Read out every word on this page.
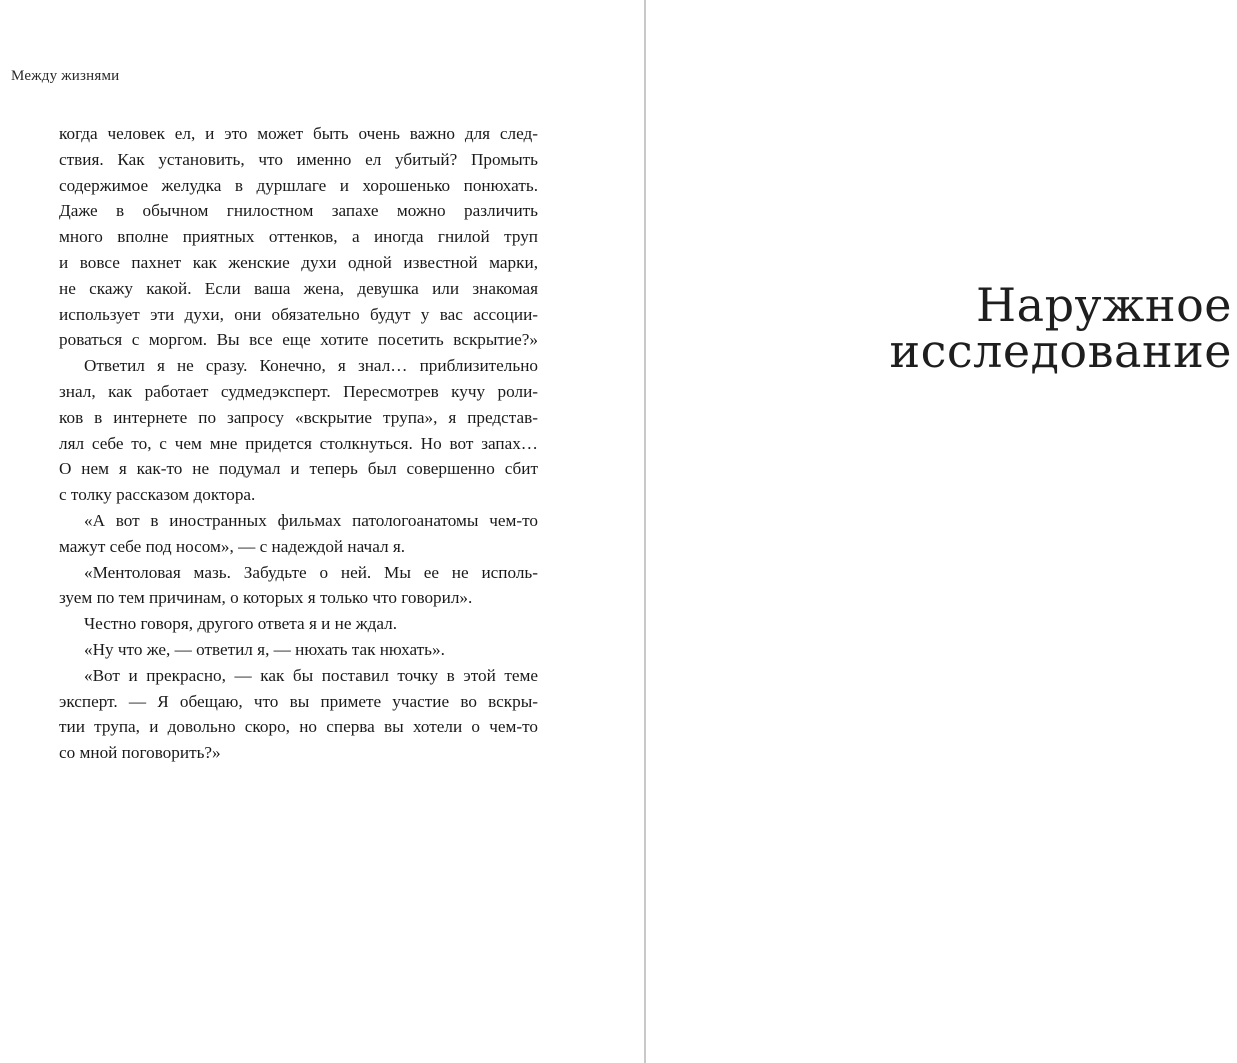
Между жизнями
когда человек ел, и это может быть очень важно для след-
ствия. Как установить, что именно ел убитый? Промыть
содержимое желудка в дуршлаге и хорошенько понюхать.
Даже в обычном гнилостном запахе можно различить
много вполне приятных оттенков, а иногда гнилой труп
и вовсе пахнет как женские духи одной известной марки,
не скажу какой. Если ваша жена, девушка или знакомая
использует эти духи, они обязательно будут у вас ассоции-
роваться с моргом. Вы все еще хотите посетить вскрытие?»
Ответил я не сразу. Конечно, я знал… приблизительно
знал, как работает судмедэксперт. Пересмотрев кучу роли-
ков в интернете по запросу «вскрытие трупа», я представ-
лял себе то, с чем мне придется столкнуться. Но вот запах…
О нем я как-то не подумал и теперь был совершенно сбит
с толку рассказом доктора.
«А вот в иностранных фильмах патологоанатомы чем-то
мажут себе под носом», — с надеждой начал я.
«Ментоловая мазь. Забудьте о ней. Мы ее не исполь-
зуем по тем причинам, о которых я только что говорил».
Честно говоря, другого ответа я и не ждал.
«Ну что же, — ответил я, — нюхать так нюхать».
«Вот и прекрасно, — как бы поставил точку в этой теме
эксперт. — Я обещаю, что вы примете участие во вскры-
тии трупа, и довольно скоро, но сперва вы хотели о чем-то
со мной поговорить?»
Наружное
исследование
